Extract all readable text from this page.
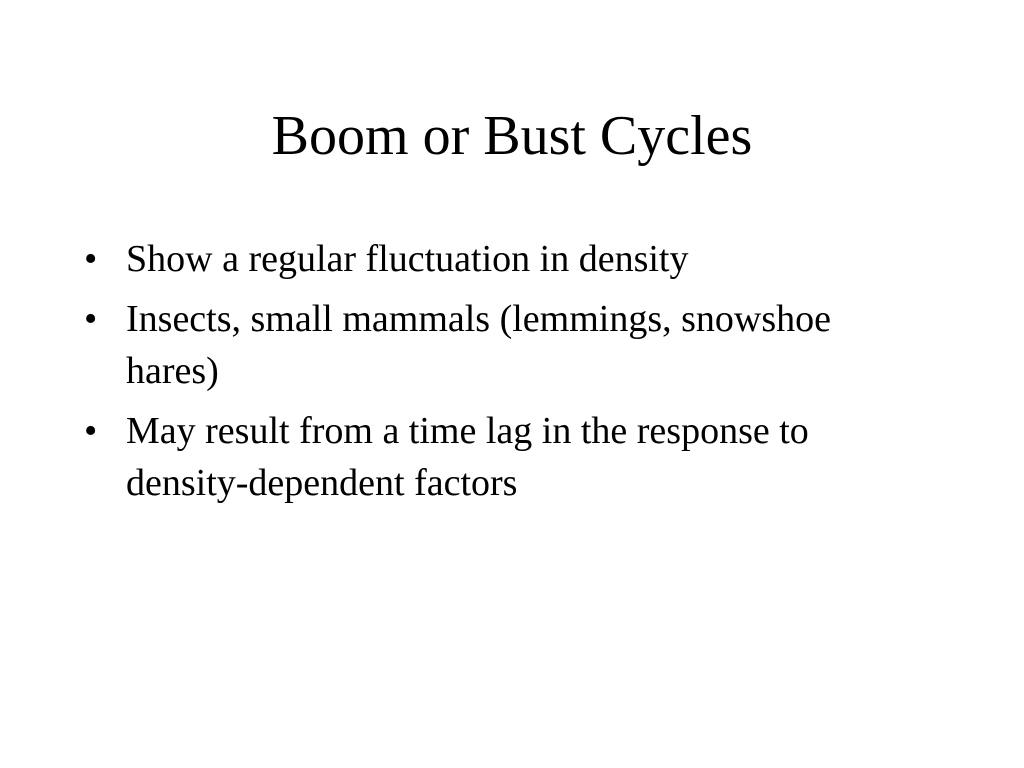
Boom or Bust Cycles
• Show a regular fluctuation in density
• Insects, small mammals (lemmings, snowshoe hares)
• May result from a time lag in the response to density-dependent factors
